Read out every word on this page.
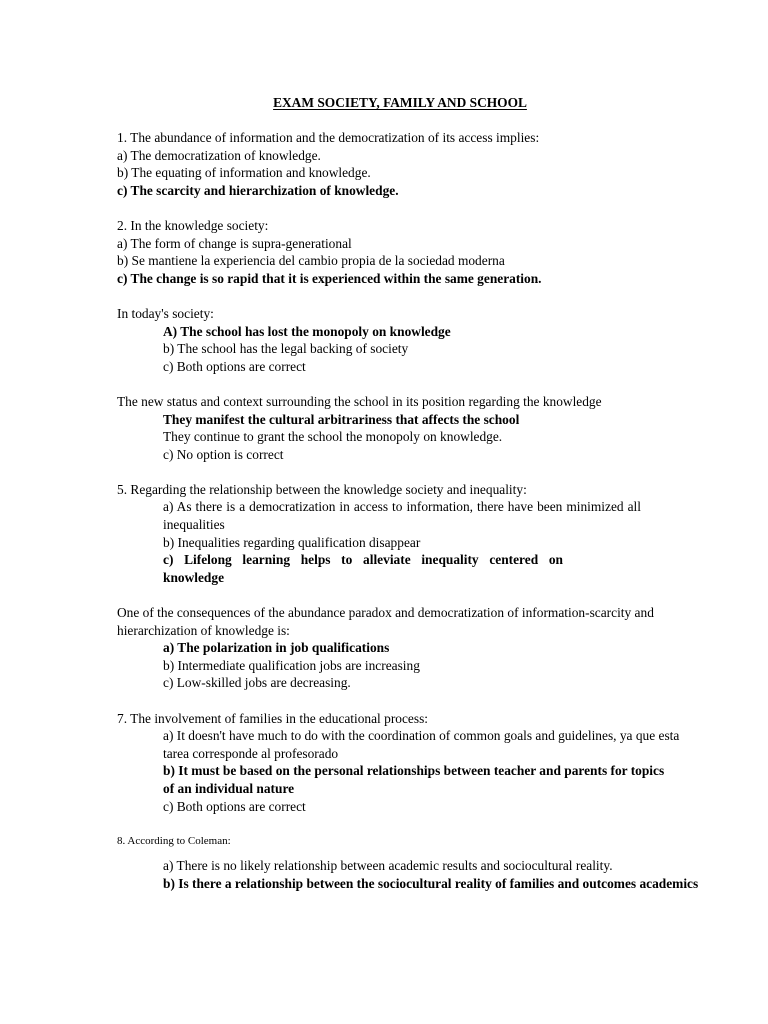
EXAM SOCIETY, FAMILY AND SCHOOL

1. The abundance of information and the democratization of its access implies:

a) The democratization of knowledge.

b) The equating of information and knowledge.

c) The scarcity and hierarchization of knowledge.

2. In the knowledge society:

a) The form of change is supra-generational

b) Se mantiene la experiencia del cambio propia de la sociedad moderna

c) The change is so rapid that it is experienced within the same generation.

In today's society:

A) The school has lost the monopoly on knowledge

b) The school has the legal backing of society

c) Both options are correct

The new status and context surrounding the school in its position regarding the knowledge

They manifest the cultural arbitrariness that affects the school

They continue to grant the school the monopoly on knowledge.

c) No option is correct

5. Regarding the relationship between the knowledge society and inequality:

a) As there is a democratization in access to information, there have been minimized all inequalities

b) Inequalities regarding qualification disappear

c) Lifelong learning helps to alleviate inequality centered on knowledge

One of the consequences of the abundance paradox and democratization of information-scarcity and hierarchization of knowledge is:

a) The polarization in job qualifications

b) Intermediate qualification jobs are increasing

c) Low-skilled jobs are decreasing.

7. The involvement of families in the educational process:

a) It doesn't have much to do with the coordination of common goals and guidelines, ya que esta tarea corresponde al profesorado

b) It must be based on the personal relationships between teacher and parents for topics of an individual nature

c) Both options are correct

8. According to Coleman:

a) There is no likely relationship between academic results and sociocultural reality.

b) Is there a relationship between the sociocultural reality of families and outcomes academics
